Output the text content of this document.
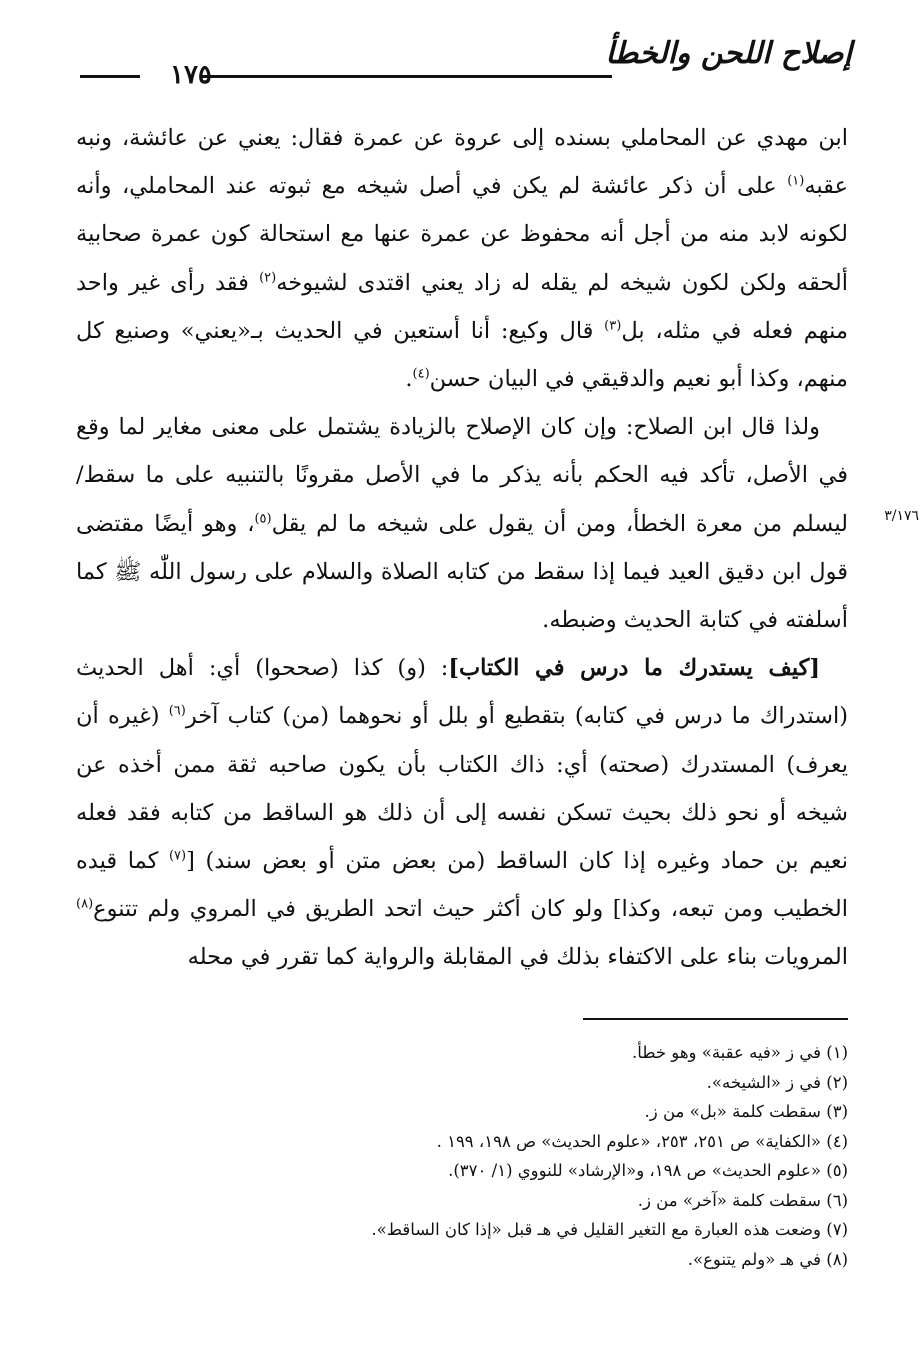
إصلاح اللحن والخطأ
١٧٥
٣/١٧٦

ابن مهدي عن المحاملي بسنده إلى عروة عن عمرة فقال: يعني عن عائشة، ونبه عقبه$^{(١)}$ على أن ذكر عائشة لم يكن في أصل شيخه مع ثبوته عند المحاملي، وأنه لكونه لابد منه من أجل أنه محفوظ عن عمرة عنها مع استحالة كون عمرة صحابية ألحقه ولكن لكون شيخه لم يقله له زاد يعني اقتدى لشيوخه$^{(٢)}$ فقد رأى غير واحد منهم فعله في مثله، بل$^{(٣)}$ قال وكيع: أنا أستعين في الحديث بـ«يعني» وصنيع كل منهم، وكذا أبو نعيم والدقيقي في البيان حسن$^{(٤)}$.

ولذا قال ابن الصلاح: وإن كان الإصلاح بالزيادة يشتمل على معنى مغاير لما وقع في الأصل، تأكد فيه الحكم بأنه يذكر ما في الأصل مقرونًا بالتنبيه على ما سقط/ ليسلم من معرة الخطأ، ومن أن يقول على شيخه ما لم يقل$^{(٥)}$، وهو أيضًا مقتضى قول ابن دقيق العيد فيما إذا سقط من كتابه الصلاة والسلام على رسول اللّٰه ﷺ كما أسلفته في كتابة الحديث وضبطه.

[كيف يستدرك ما درس في الكتاب]: (و) كذا (صححوا) أي: أهل الحديث (استدراك ما درس في كتابه) بتقطيع أو بلل أو نحوهما (من) كتاب آخر$^{(٦)}$ (غيره أن يعرف) المستدرك (صحته) أي: ذاك الكتاب بأن يكون صاحبه ثقة ممن أخذه عن شيخه أو نحو ذلك بحيث تسكن نفسه إلى أن ذلك هو الساقط من كتابه فقد فعله نعيم بن حماد وغيره إذا كان الساقط (من بعض متن أو بعض سند) [$^{(٧)}$ كما قيده الخطيب ومن تبعه، وكذا] ولو كان أكثر حيث اتحد الطريق في المروي ولم تتنوع$^{(٨)}$ المرويات بناء على الاكتفاء بذلك في المقابلة والرواية كما تقرر في محله

(١) في ز «فيه عقبة» وهو خطأ.
(٢) في ز «الشيخه».
(٣) سقطت كلمة «بل» من ز.
(٤) «الكفاية» ص ٢٥١، ٢٥٣، «علوم الحديث» ص ١٩٨، ١٩٩ .
(٥) «علوم الحديث» ص ١٩٨، و«الإرشاد» للنووي (١/ ٣٧٠).
(٦) سقطت كلمة «آخر» من ز.
(٧) وضعت هذه العبارة مع التغير القليل في هـ قبل «إذا كان الساقط».
(٨) في هـ «ولم يتنوع».
